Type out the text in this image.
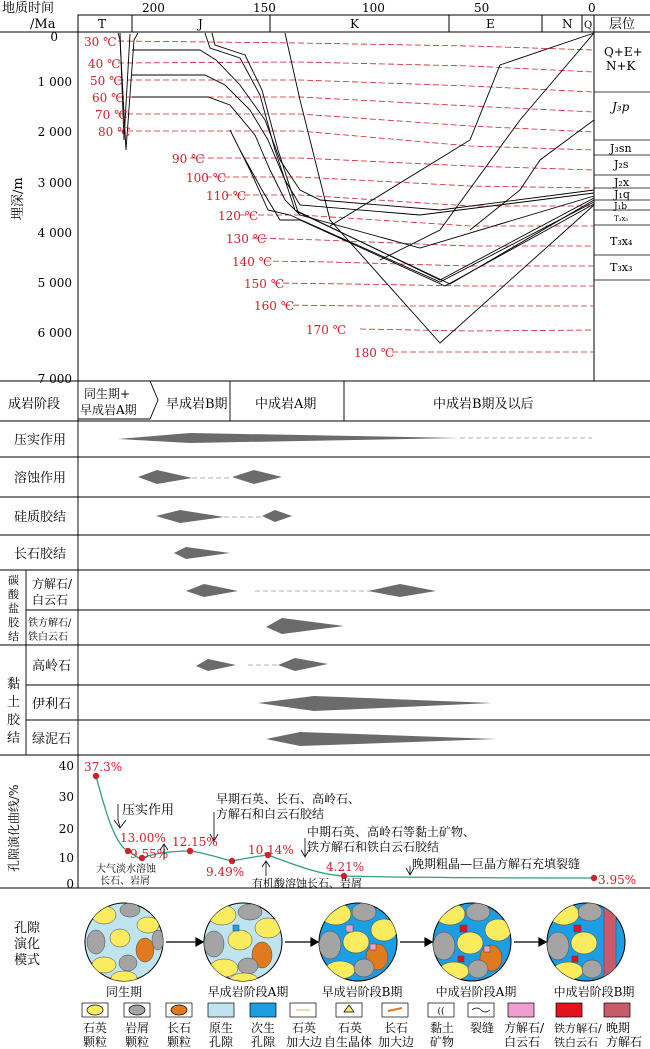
地质时间
/Ma
200	150	100	50	0
T	J	K	E	N Q 层位
埋深/m
0
1 000
2 000
3 000
4 000
5 000
6 000
7 000
30 ℃
40 ℃
50 ℃
60 ℃
70 ℃
80 ℃
90 ℃
100 ℃
110 ℃
120 ℃
130 ℃
140 ℃
150 ℃
160 ℃
170 ℃
180 ℃
Q+E+
N+K
J₃p
J₃sn
J₂s
J₂x
J₁q
J₁b
T₃x₅
T₃x₄
T₃x₃
成岩阶段
同生期+
早成岩A期 早成岩B期 中成岩A期	中成岩B期及以后
压实作用
溶蚀作用
硅质胶结
长石胶结
碳
酸
盐
胶
结
方解石/
白云石
铁方解石/
铁白云石
黏
土
胶
结
高岭石
伊利石
绿泥石
孔隙演化曲线/%
40
30
20
10
0
37.3%
13.00%
9.55%
12.15%
9.49%
10.14%
4.21%
3.95%
压实作用
大气淡水溶蚀
长石、岩屑
早期石英、长石、高岭石、
方解石和白云石胶结
有机酸溶蚀长石、岩屑
中期石英、高岭石等黏土矿物、
铁方解石和铁白云石胶结
晚期粗晶—巨晶方解石充填裂缝
孔隙
演化
模式
同生期	早成岩阶段A期	早成岩阶段B期	中成岩阶段A期	中成岩阶段B期
((
石英
颗粒
岩屑
颗粒
长石
颗粒
原生
孔隙
次生
孔隙
石英
加大边
石英
自生晶体
长石
加大边
黏土
矿物
裂缝 方解石/
白云石
铁方解石/
铁白云石
晚期
方解石
